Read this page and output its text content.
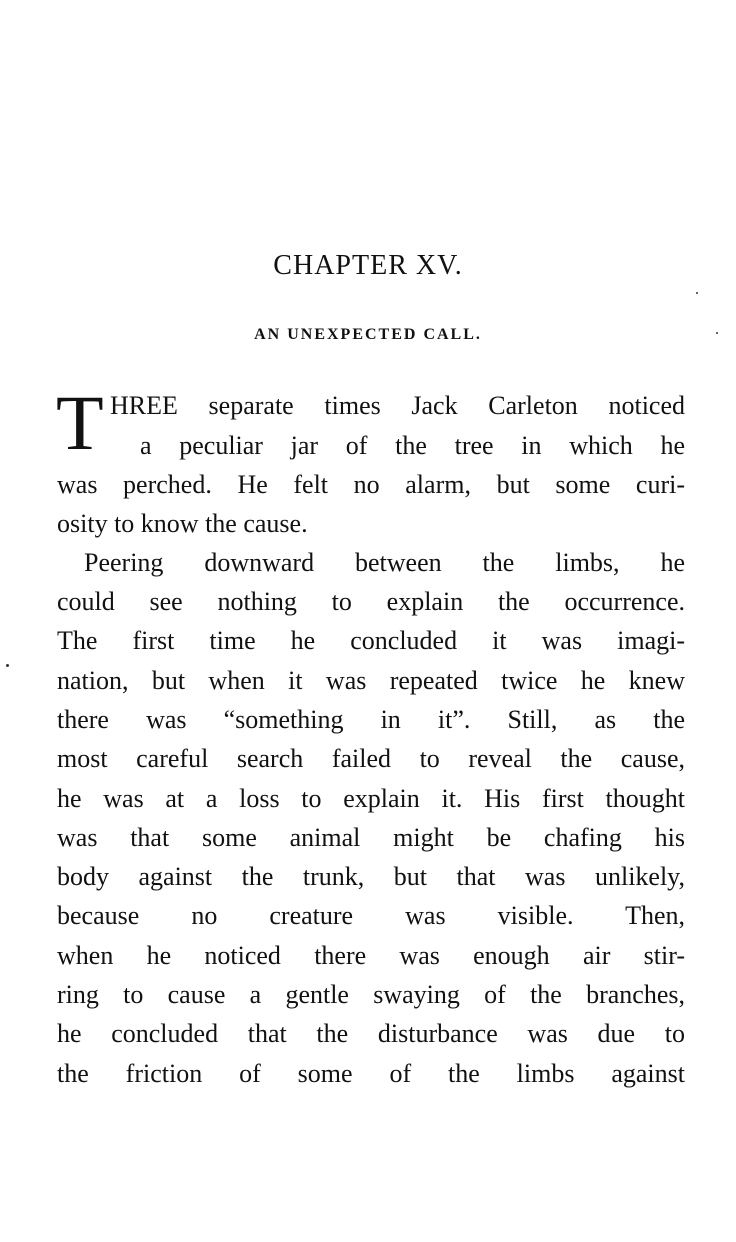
CHAPTER XV.
AN UNEXPECTED CALL.
T HREE separate times Jack Carleton noticed
a peculiar jar of the tree in which he
was perched. He felt no alarm, but some curi-
osity to know the cause.
Peering downward between the limbs, he
could see nothing to explain the occurrence.
The first time he concluded it was imagi-
nation, but when it was repeated twice he knew
there was “something in it”. Still, as the
most careful search failed to reveal the cause,
he was at a loss to explain it. His first thought
was that some animal might be chafing his
body against the trunk, but that was unlikely,
because no creature was visible. Then,
when he noticed there was enough air stir-
ring to cause a gentle swaying of the branches,
he concluded that the disturbance was due to
the friction of some of the limbs against
